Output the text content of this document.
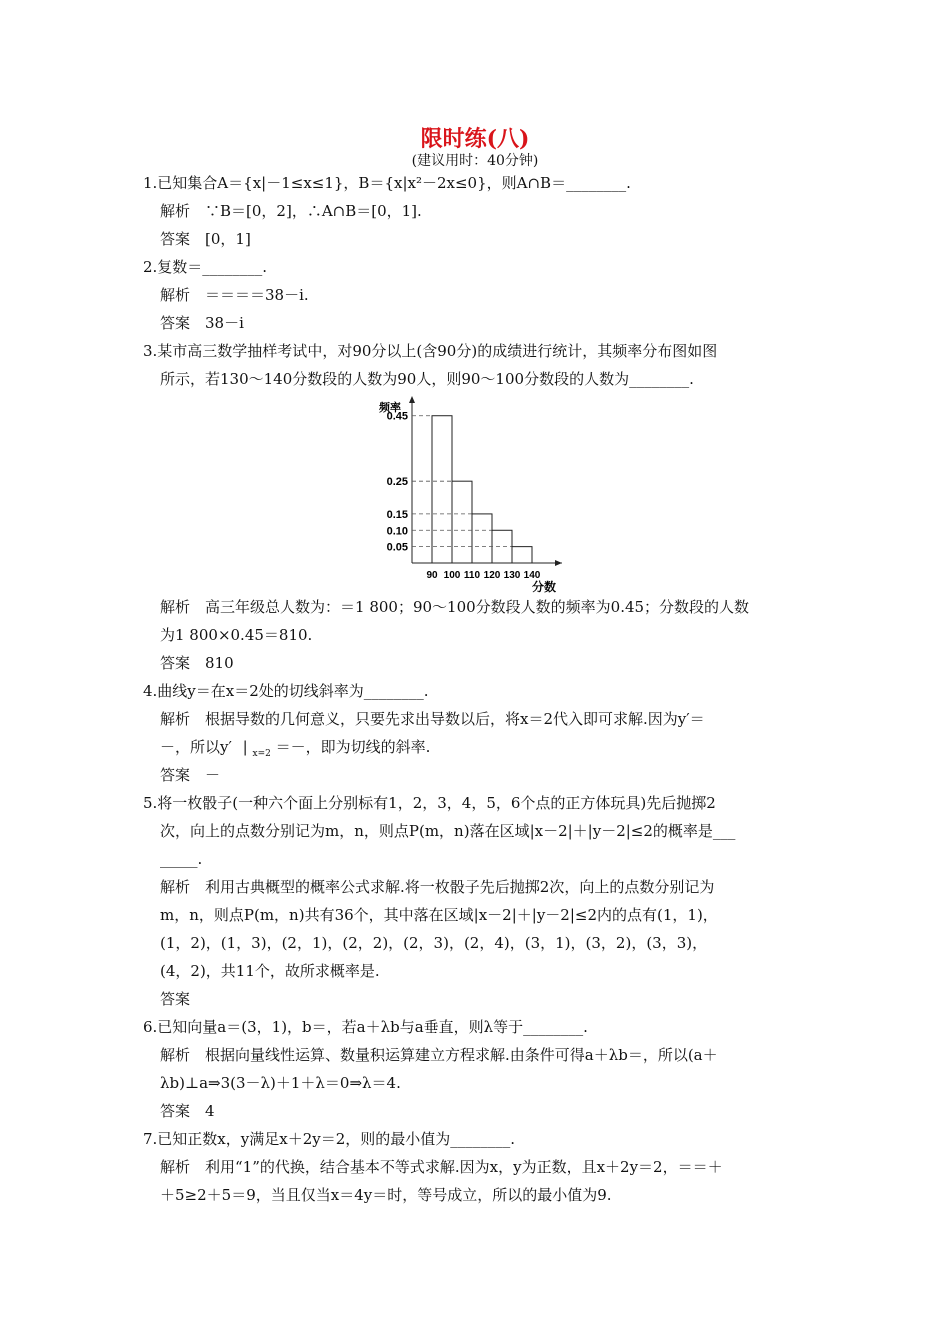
限时练(八)
(建议用时：40分钟)
1.已知集合A＝{x|－1≤x≤1}，B＝{x|x²－2x≤0}，则A∩B＝________.
解析　∵B＝[0，2]，∴A∩B＝[0，1].
答案　[0，1]
2.复数＝________.
解析　＝＝＝＝38－i.
答案　38－i
3.某市高三数学抽样考试中，对90分以上(含90分)的成绩进行统计，其频率分布图如图
所示，若130～140分数段的人数为90人，则90～100分数段的人数为________.
频率
分数
0.45
0.25
0.15
0.10
0.05
90 100 110 120 130 140
解析　高三年级总人数为：＝1 800；90～100分数段人数的频率为0.45；分数段的人数
为1 800×0.45＝810.
答案　810
4.曲线y＝在x＝2处的切线斜率为________.
解析　根据导数的几何意义，只要先求出导数以后，将x＝2代入即可求解.因为y′＝
－，所以y′ | $_{x=2}$ ＝－，即为切线的斜率.
答案　－
5.将一枚骰子(一种六个面上分别标有1，2，3，4，5，6个点的正方体玩具)先后抛掷2
次，向上的点数分别记为m，n，则点P(m，n)落在区域|x－2|＋|y－2|≤2的概率是___
_____.
解析　利用古典概型的概率公式求解.将一枚骰子先后抛掷2次，向上的点数分别记为
m，n，则点P(m，n)共有36个，其中落在区域|x－2|＋|y－2|≤2内的点有(1，1)，
(1，2)，(1，3)，(2，1)，(2，2)，(2，3)，(2，4)，(3，1)，(3，2)，(3，3)，
(4，2)，共11个，故所求概率是.
答案
6.已知向量a＝(3，1)，b＝，若a＋λb与a垂直，则λ等于________.
解析　根据向量线性运算、数量积运算建立方程求解.由条件可得a＋λb＝，所以(a＋
λb)⊥a⇒3(3－λ)＋1＋λ＝0⇒λ＝4.
答案　4
7.已知正数x，y满足x＋2y＝2，则的最小值为________.
解析　利用“1”的代换，结合基本不等式求解.因为x，y为正数，且x＋2y＝2，＝＝＋
＋5≥2＋5＝9，当且仅当x＝4y＝时，等号成立，所以的最小值为9.
